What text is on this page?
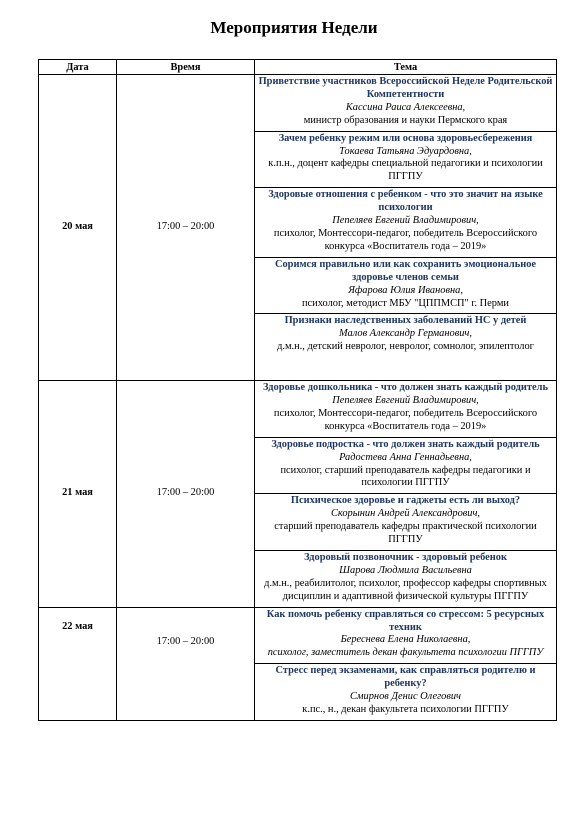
Мероприятия Недели
Дата	Время	Тема
20 мая	17:00 – 20:00	Приветствие участников Всероссийской Неделе Родительской Компетентности
Кассина Раиса Алексеевна,
министр образования и науки Пермского края

		Зачем ребенку режим или основа здоровьесбережения
Токаева Татьяна Эдуардовна,
к.п.н., доцент кафедры специальной педагогики и психологии ПГГПУ

		Здоровые отношения с ребенком - что это значит на языке психологии
Пепеляев Евгений Владимирович,
психолог, Монтессори-педагог, победитель Всероссийского конкурса «Воспитатель года – 2019»

		Соримся правильно или как сохранить эмоциональное здоровье членов семьи
Яфарова Юлия Ивановна,
психолог, методист МБУ "ЦППМСП" г. Перми

		Признаки наследственных заболеваний НС у детей
Малов Александр Германович,
д.м.н., детский невролог, невролог, сомнолог, эпилептолог

21 мая	17:00 – 20:00	Здоровье дошкольника - что должен знать каждый родитель
Пепеляев Евгений Владимирович,
психолог, Монтессори-педагог, победитель Всероссийского конкурса «Воспитатель года – 2019»

		Здоровье подростка - что должен знать каждый родитель
Радостева Анна Геннадьевна,
психолог, старший преподаватель кафедры педагогики и психологии ПГГПУ

		Психическое здоровье и гаджеты есть ли выход?
Скорынин Андрей Александрович,
старший преподаватель кафедры практической психологии ПГГПУ

		Здоровый позвоночник - здоровый ребенок
Шарова Людмила Васильевна
д.м.н., реабилитолог, психолог, профессор кафедры спортивных дисциплин и адаптивной физической культуры ПГГПУ

22 мая	17:00 – 20:00	Как помочь ребенку справляться со стрессом: 5 ресурсных техник
Береснева Елена Николаевна,
психолог, заместитель декан факультета психологии ПГГПУ

		Стресс перед экзаменами, как справляться родителю и ребенку?
Смирнов Денис Олегович
к.пс., н., декан факультета психологии ПГГПУ
